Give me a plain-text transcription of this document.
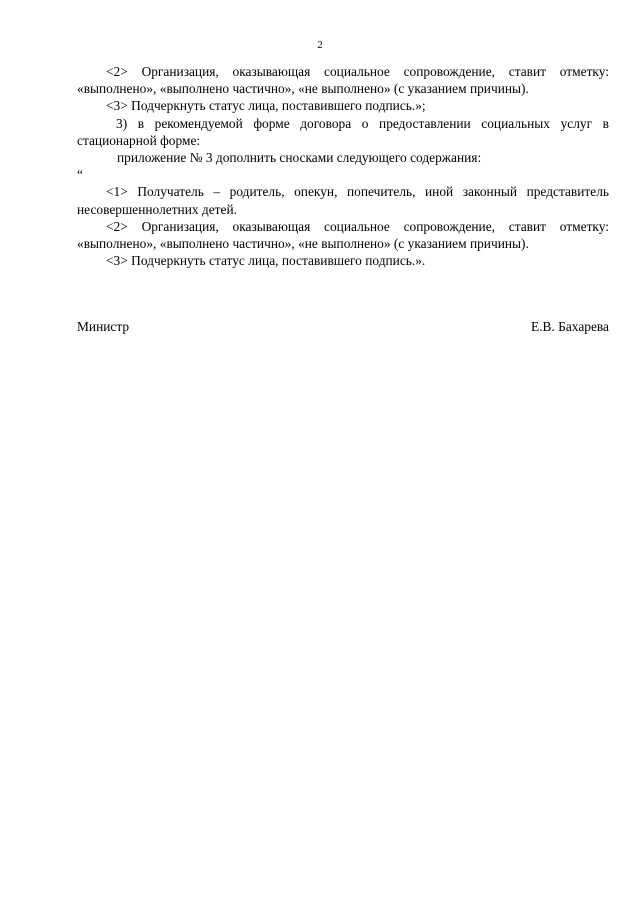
2

<2> Организация, оказывающая социальное сопровождение, ставит отметку: «выполнено», «выполнено частично», «не выполнено» (с указанием причины).

<3> Подчеркнуть статус лица, поставившего подпись.»;

3) в рекомендуемой форме договора о предоставлении социальных услуг в стационарной форме:

приложение № 3 дополнить сносками следующего содержания:

“

<1> Получатель – родитель, опекун, попечитель, иной законный представитель несовершеннолетних детей.

<2> Организация, оказывающая социальное сопровождение, ставит отметку: «выполнено», «выполнено частично», «не выполнено» (с указанием причины).

<3> Подчеркнуть статус лица, поставившего подпись.».

Министр	Е.В. Бахарева
